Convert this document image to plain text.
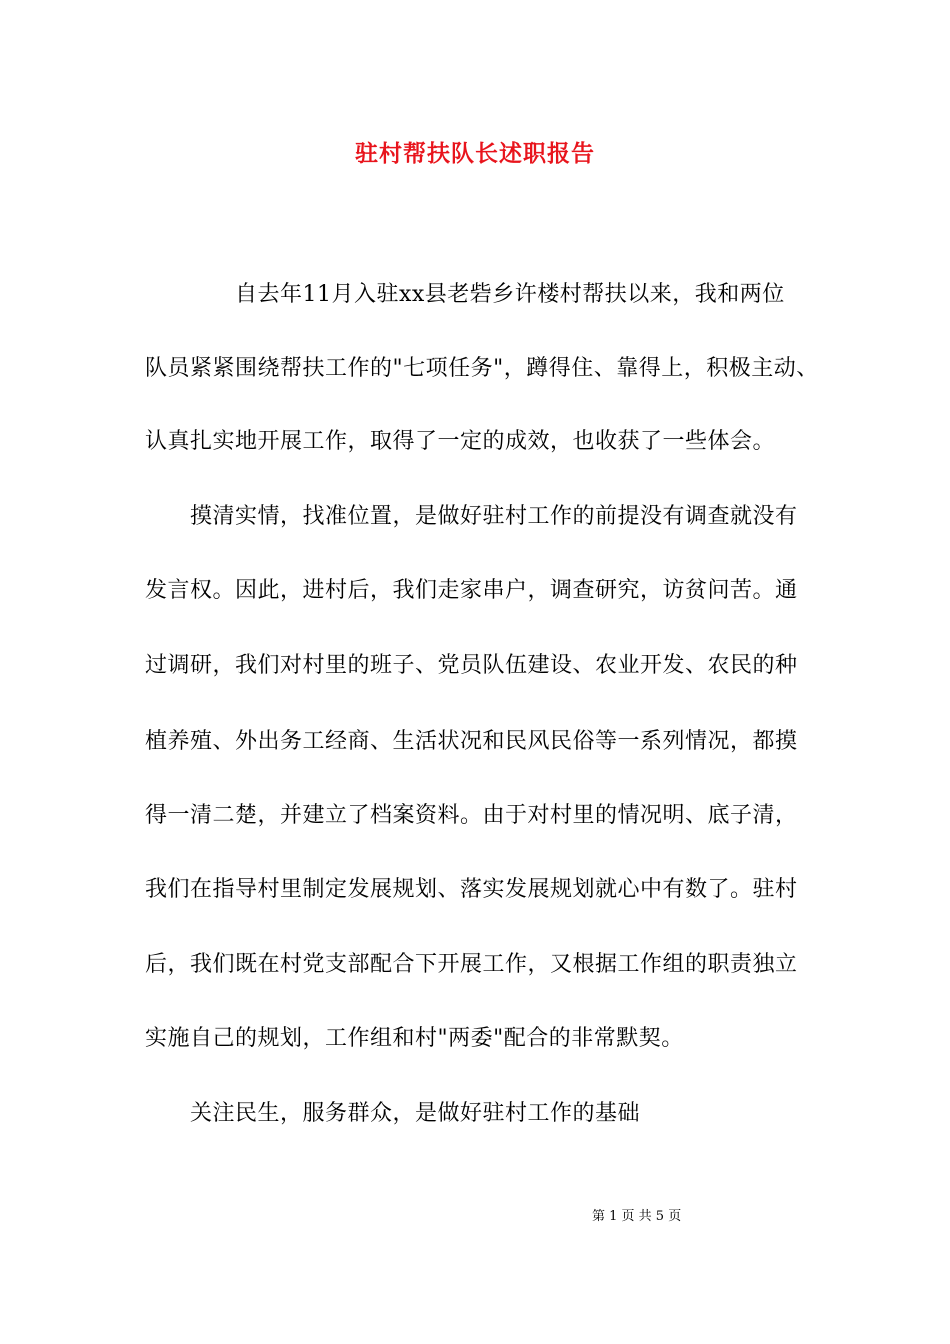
驻村帮扶队长述职报告

自去年11月入驻xx县老砦乡许楼村帮扶以来，我和两位

队员紧紧围绕帮扶工作的"七项任务"，蹲得住、靠得上，积极主动、

认真扎实地开展工作，取得了一定的成效，也收获了一些体会。

摸清实情，找准位置，是做好驻村工作的前提没有调查就没有

发言权。因此，进村后，我们走家串户，调查研究，访贫问苦。通

过调研，我们对村里的班子、党员队伍建设、农业开发、农民的种

植养殖、外出务工经商、生活状况和民风民俗等一系列情况，都摸

得一清二楚，并建立了档案资料。由于对村里的情况明、底子清，

我们在指导村里制定发展规划、落实发展规划就心中有数了。驻村

后，我们既在村党支部配合下开展工作，又根据工作组的职责独立

实施自己的规划，工作组和村"两委"配合的非常默契。

关注民生，服务群众，是做好驻村工作的基础

第 1 页 共 5 页
